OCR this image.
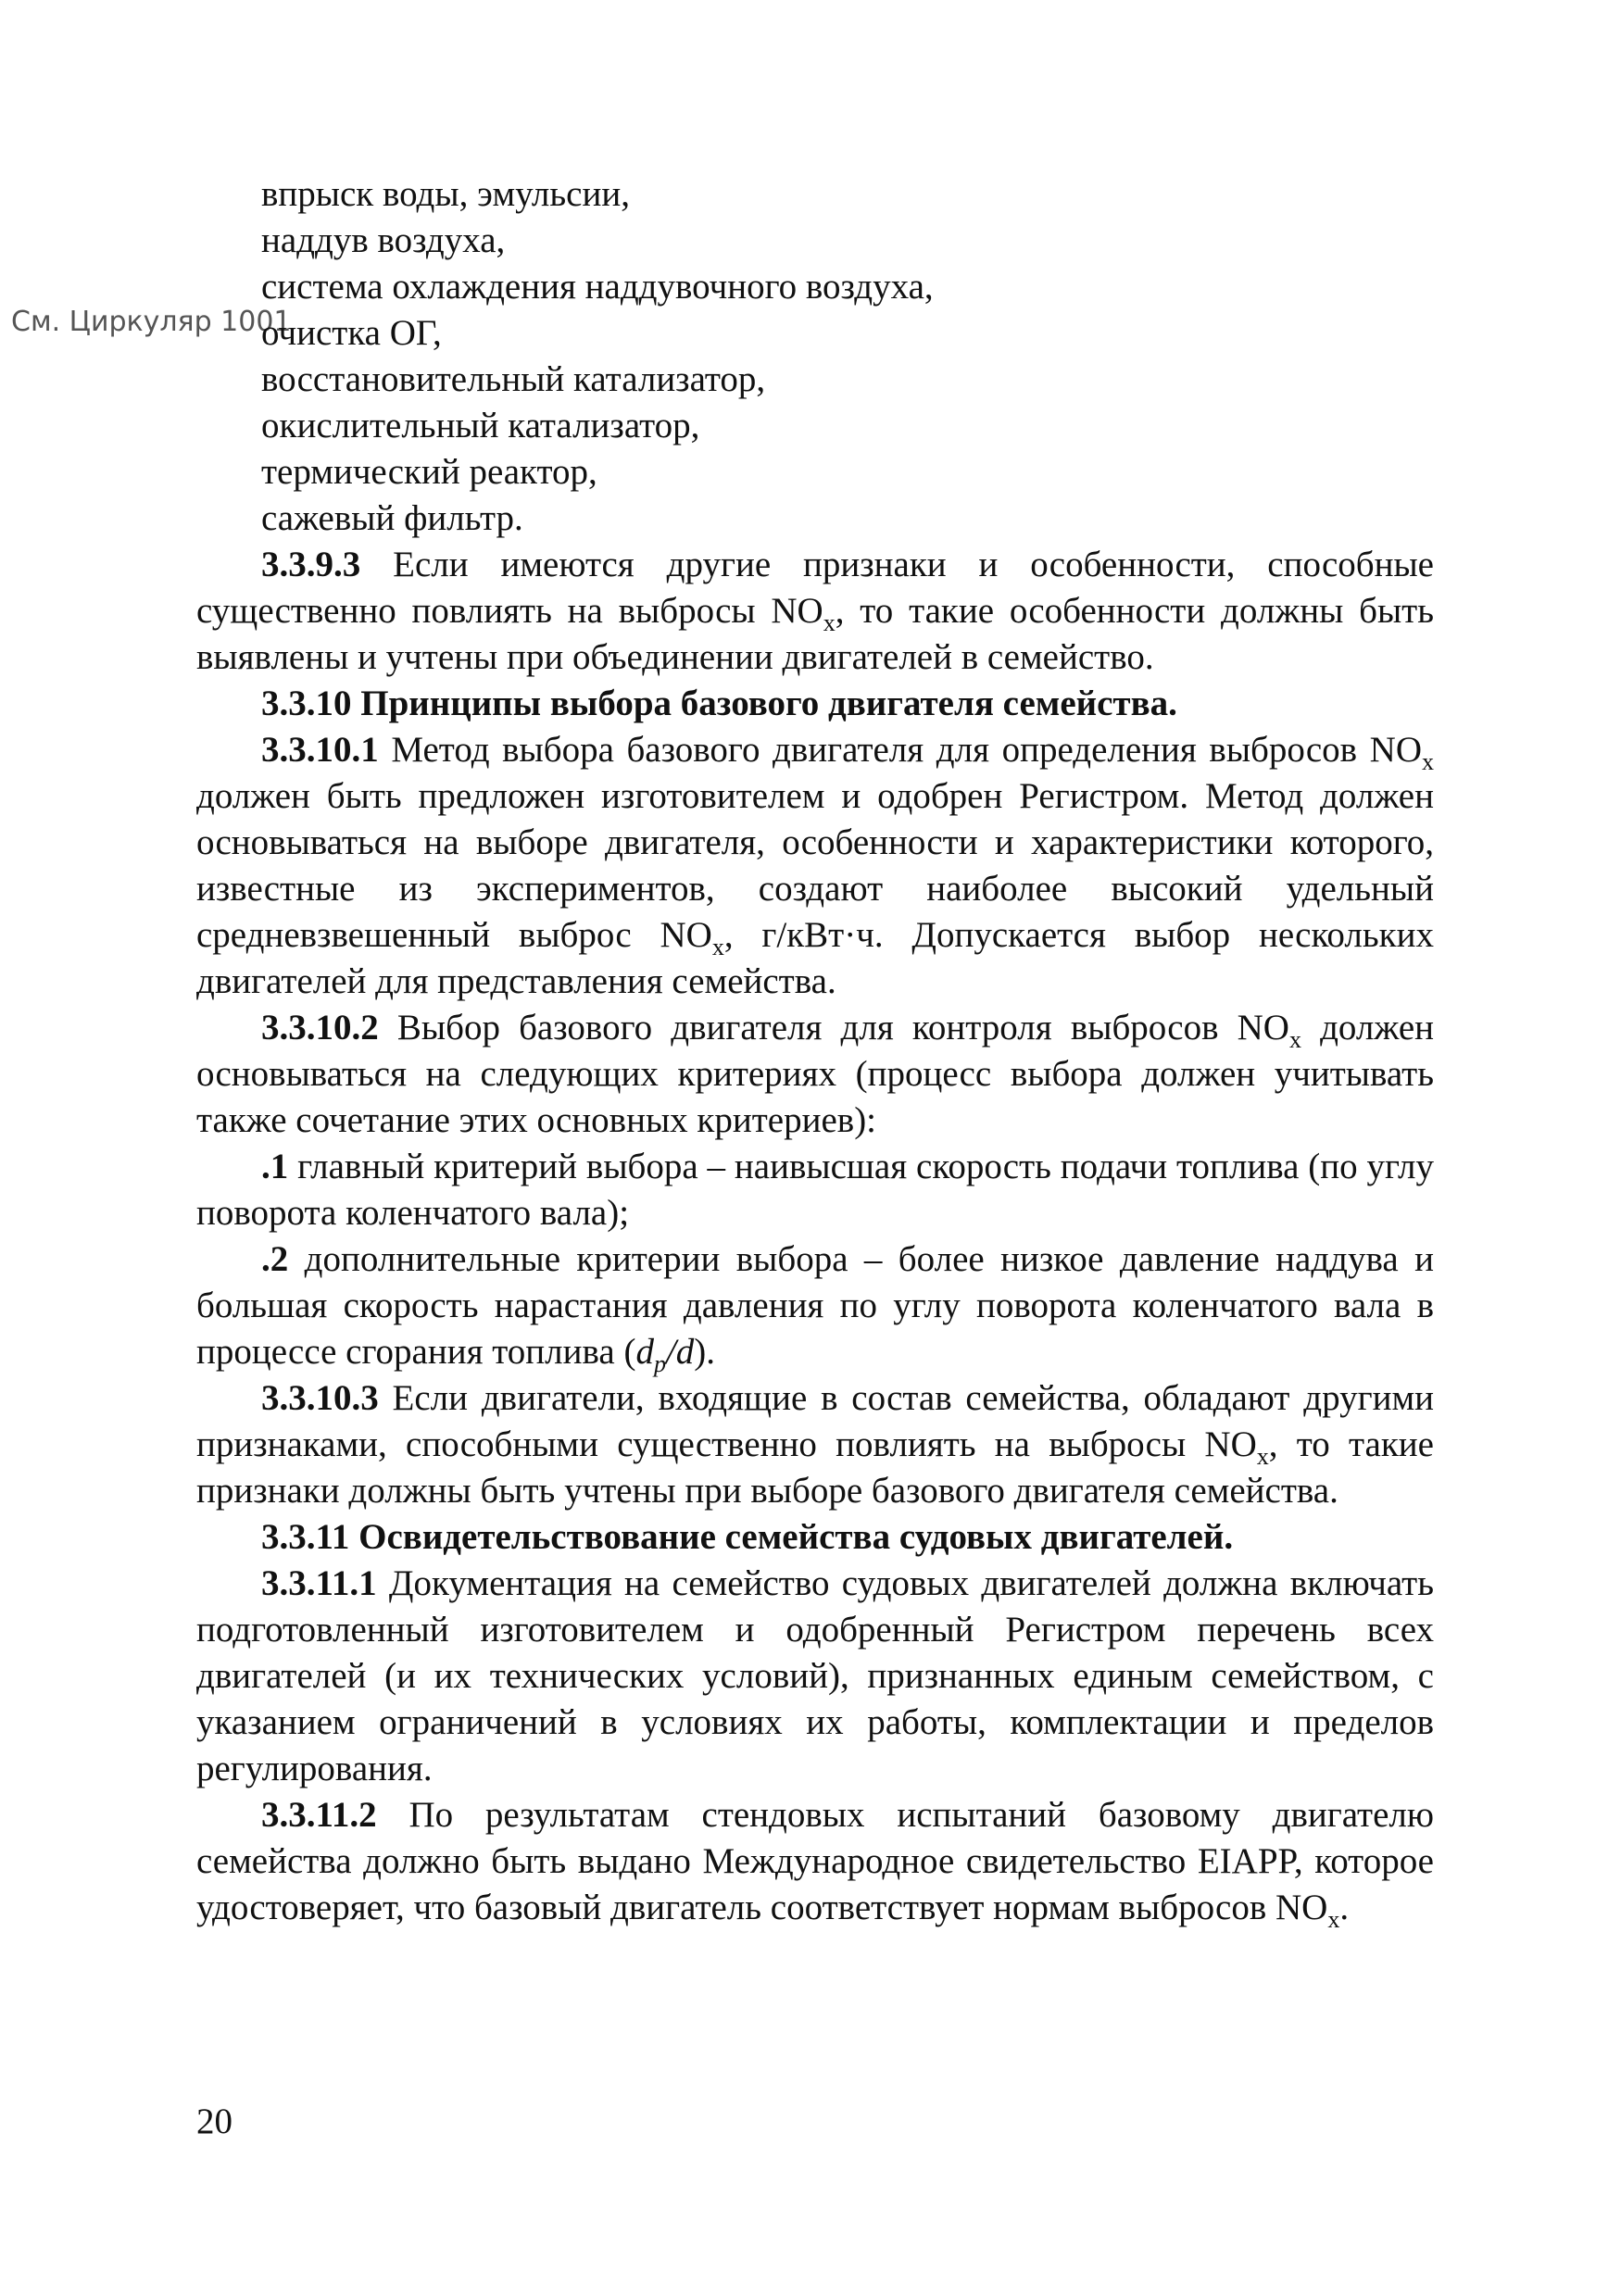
См. Циркуляр 1001

впрыск воды, эмульсии,

наддув воздуха,

система охлаждения наддувочного воздуха,

очистка ОГ,

восстановительный катализатор,

окислительный катализатор,

термический реактор,

сажевый фильтр.

3.3.9.3 Если имеются другие признаки и особенности, способные существенно повлиять на выбросы $NO_x$, то такие особенности должны быть выявлены и учтены при объединении двигателей в семейство.

3.3.10 Принципы выбора базового двигателя семейства.

3.3.10.1 Метод выбора базового двигателя для определения выбросов $NO_x$ должен быть предложен изготовителем и одобрен Регистром. Метод должен основываться на выборе двигателя, особенности и характеристики которого, известные из экспериментов, создают наиболее высокий удельный средневзвешенный выброс $NO_x$, г/кВт·ч. Допускается выбор нескольких двигателей для представления семейства.

3.3.10.2 Выбор базового двигателя для контроля выбросов $NO_x$ должен основываться на следующих критериях (процесс выбора должен учитывать также сочетание этих основных критериев):

.1 главный критерий выбора – наивысшая скорость подачи топлива (по углу поворота коленчатого вала);

.2 дополнительные критерии выбора – более низкое давление наддува и большая скорость нарастания давления по углу поворота коленчатого вала в процессе сгорания топлива $(d_p/d)$.

3.3.10.3 Если двигатели, входящие в состав семейства, обладают другими признаками, способными существенно повлиять на выбросы $NO_x$, то такие признаки должны быть учтены при выборе базового двигателя семейства.

3.3.11 Освидетельствование семейства судовых двигателей.

3.3.11.1 Документация на семейство судовых двигателей должна включать подготовленный изготовителем и одобренный Регистром перечень всех двигателей (и их технических условий), признанных единым семейством, с указанием ограничений в условиях их работы, комплектации и пределов регулирования.

3.3.11.2 По результатам стендовых испытаний базовому двигателю семейства должно быть выдано Международное свидетельство EIAPP, которое удостоверяет, что базовый двигатель соответствует нормам выбросов $NO_x$.

20
